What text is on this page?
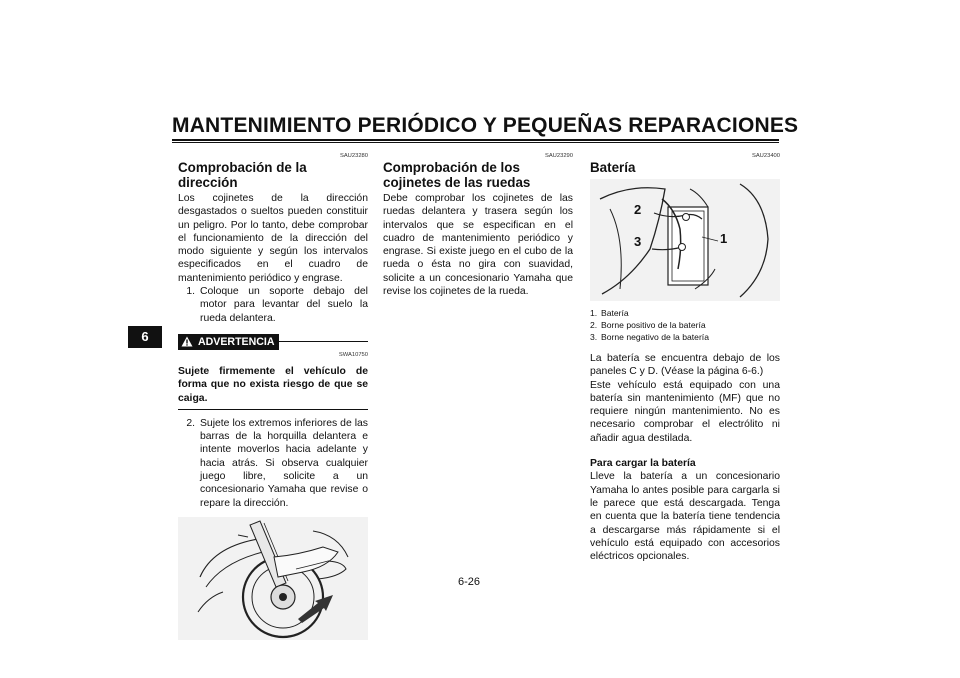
MANTENIMIENTO PERIÓDICO Y PEQUEÑAS REPARACIONES
6
SAU23280
Comprobación de la dirección

Los cojinetes de la dirección desgastados o sueltos pueden constituir un peligro. Por lo tanto, debe comprobar el funcionamiento de la dirección del modo siguiente y según los intervalos especificados en el cuadro de mantenimiento periódico y engrase.

1. Coloque un soporte debajo del motor para levantar del suelo la rueda delantera.
ADVERTENCIA
SWA10750
Sujete firmemente el vehículo de forma que no exista riesgo de que se caiga.
2. Sujete los extremos inferiores de las barras de la horquilla delantera e intente moverlos hacia adelante y hacia atrás. Si observa cualquier juego libre, solicite a un concesionario Yamaha que revise o repare la dirección.
SAU23290
Comprobación de los cojinetes de las ruedas

Debe comprobar los cojinetes de las ruedas delantera y trasera según los intervalos que se especifican en el cuadro de mantenimiento periódico y engrase. Si existe juego en el cubo de la rueda o ésta no gira con suavidad, solicite a un concesionario Yamaha que revise los cojinetes de la rueda.

SAU23400
Batería
2
3	1
1. Batería
2. Borne positivo de la batería
3. Borne negativo de la batería

La batería se encuentra debajo de los paneles C y D. (Véase la página 6-6.)

Este vehículo está equipado con una batería sin mantenimiento (MF) que no requiere ningún mantenimiento. No es necesario comprobar el electrólito ni añadir agua destilada.

Para cargar la batería

Lleve la batería a un concesionario Yamaha lo antes posible para cargarla si le parece que está descargada. Tenga en cuenta que la batería tiene tendencia a descargarse más rápidamente si el vehículo está equipado con accesorios eléctricos opcionales.

6-26
